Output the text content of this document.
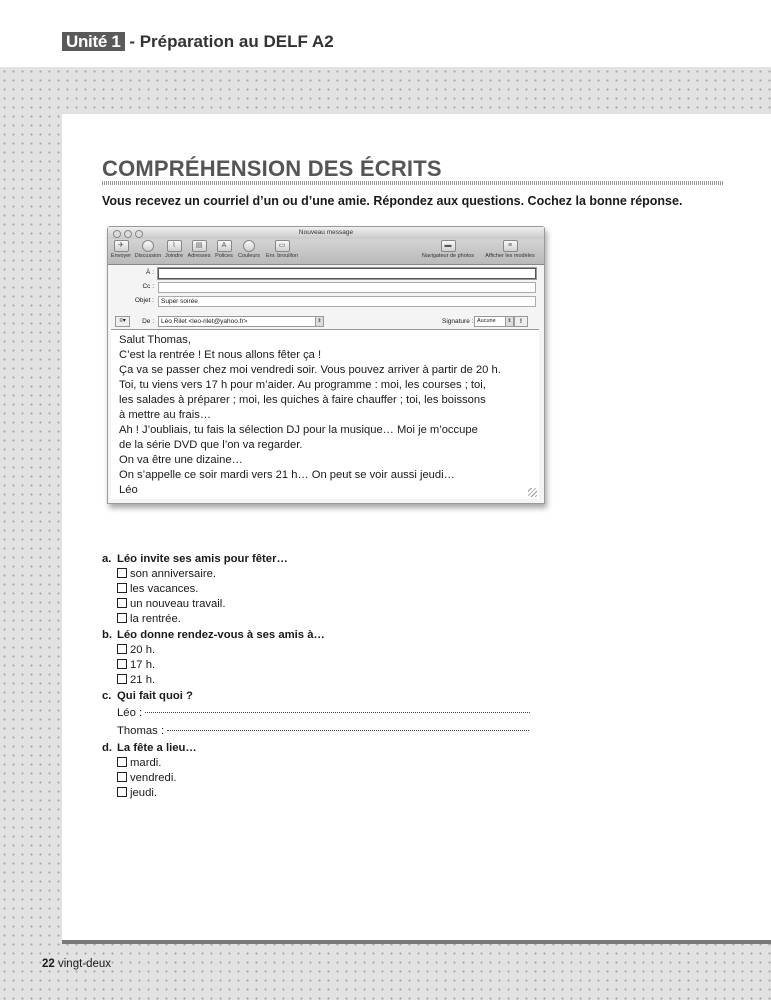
Unité 1 - Préparation au DELF A2
COMPRÉHENSION DES ÉCRITS
Vous recevez un courriel d’un ou d’une amie. Répondez aux questions. Cochez la bonne réponse.
Nouveau message
✈
Envoyer Discussion
⌇
Joindre
▤
Adresses
A
Polices Couleurs
▭
Enr. brouillon
▬
Navigateur de photos
≡
Afficher les modèles
À :
Cc :
Objet :	Super soirée
≡▾	De :	Léo Rilet <leo-rilet@yahoo.fr>	⇕	Signature : Aucune	⇕	!
Salut Thomas,
C’est la rentrée ! Et nous allons fêter ça !
Ça va se passer chez moi vendredi soir. Vous pouvez arriver à partir de 20 h.
Toi, tu viens vers 17 h pour m’aider. Au programme : moi, les courses ; toi,
les salades à préparer ; moi, les quiches à faire chauffer ; toi, les boissons
à mettre au frais…
Ah ! J’oubliais, tu fais la sélection DJ pour la musique… Moi je m’occupe
de la série DVD que l’on va regarder.
On va être une dizaine…
On s’appelle ce soir mardi vers 21 h… On peut se voir aussi jeudi…
Léo
a. Léo invite ses amis pour fêter…
son anniversaire.
les vacances.
un nouveau travail.
la rentrée.
b. Léo donne rendez-vous à ses amis à…
20 h.
17 h.
21 h.
c. Qui fait quoi ?
Léo :
Thomas :
d. La fête a lieu…
mardi.
vendredi.
jeudi.
22 vingt-deux
